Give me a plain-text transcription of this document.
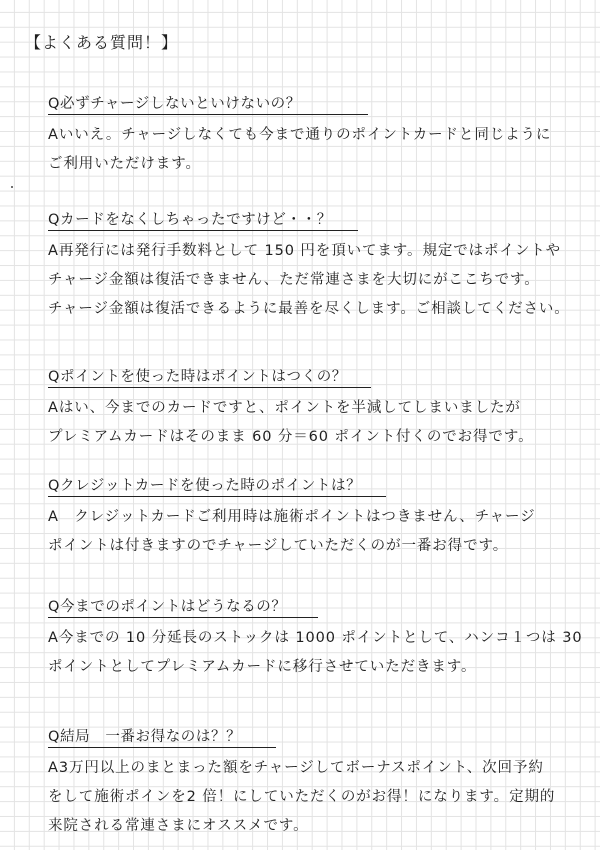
【よくある質問！】
Q必ずチャージしないといけないの？
Aいいえ。チャージしなくても今まで通りのポイントカードと同じように
ご利用いただけます。
Qカードをなくしちゃったですけど・・？
A再発行には発行手数料として 150 円を頂いてます。規定ではポイントや
チャージ金額は復活できません、ただ常連さまを大切にがここちです。
チャージ金額は復活できるように最善を尽くします。ご相談してください。
Qポイントを使った時はポイントはつくの？
Aはい、今までのカードですと、ポイントを半減してしまいましたが
プレミアムカードはそのまま 60 分＝60 ポイント付くのでお得です。
Qクレジットカードを使った時のポイントは？
A　クレジットカードご利用時は施術ポイントはつきません、チャージ
ポイントは付きますのでチャージしていただくのが一番お得です。
Q今までのポイントはどうなるの？
A今までの 10 分延長のストックは 1000 ポイントとして、ハンコ１つは 30
ポイントとしてプレミアムカードに移行させていただきます。
Q結局　一番お得なのは？？
A3万円以上のまとまった額をチャージしてボーナスポイント、次回予約
をして施術ポインを2 倍！にしていただくのがお得！になります。定期的
来院される常連さまにオススメです。
